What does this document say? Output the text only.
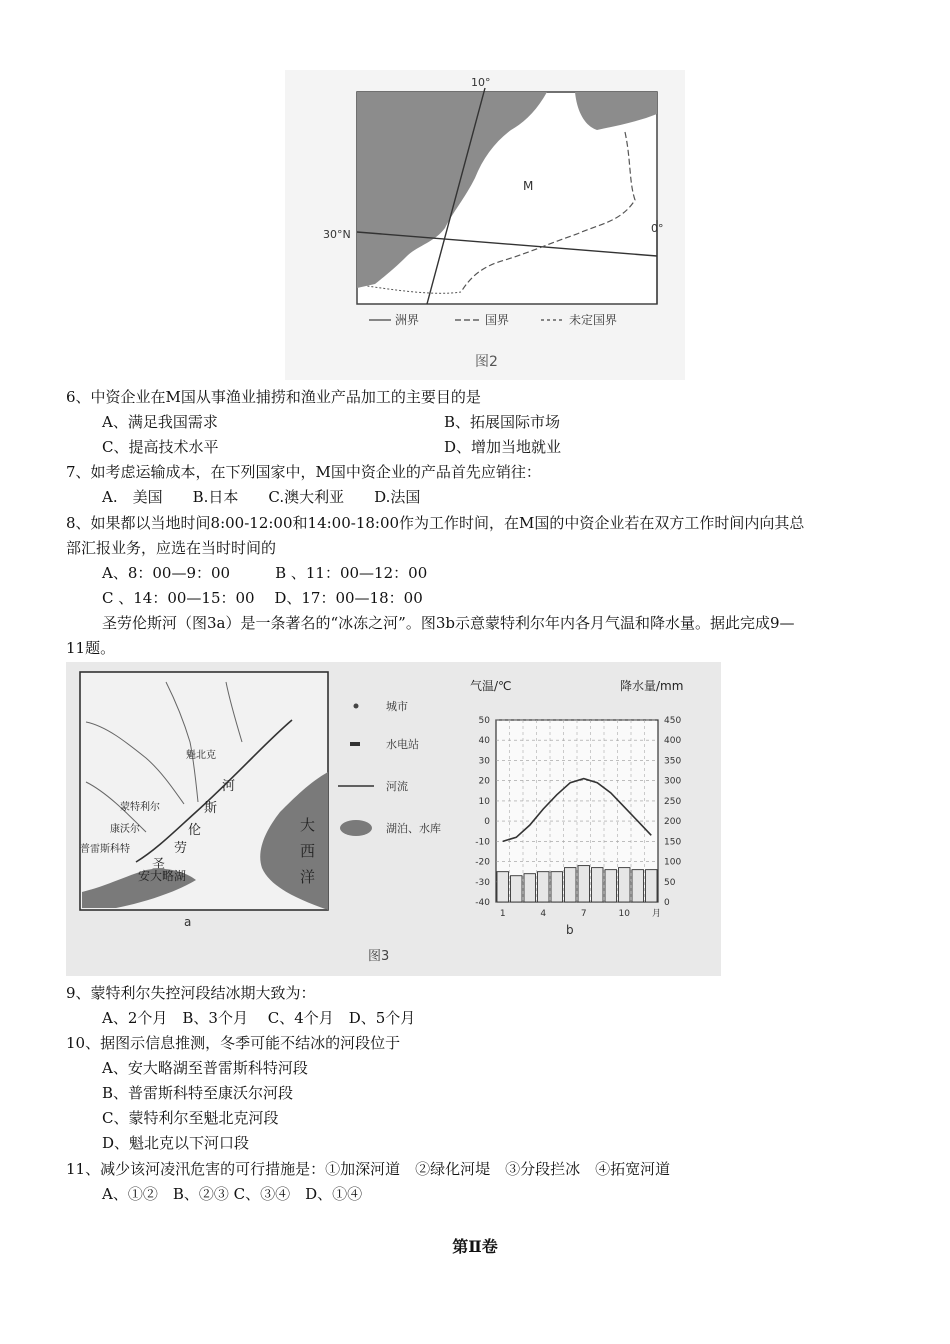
10°
0°
30°N
M
洲界	国界	未定国界
图2
6、中资企业在M国从事渔业捕捞和渔业产品加工的主要目的是
A、满足我国需求	B、拓展国际市场
C、提高技术水平	D、增加当地就业
7、如考虑运输成本，在下列国家中，M国中资企业的产品首先应销往：
A.　美国　　B.日本　　C.澳大利亚　　D.法国
8、如果都以当地时间8:00-12:00和14:00-18:00作为工作时间，在M国的中资企业若在双方工作时间内向其总
部汇报业务，应选在当时时间的
A、8：00—9：00　　　B 、11：00—12：00
C 、14：00—15：00　 D、17：00—18：00
圣劳伦斯河（图3a）是一条著名的“冰冻之河”。图3b示意蒙特利尔年内各月气温和降水量。据此完成9—
11题。
魁北克
蒙特利尔
康沃尔
普雷斯科特
圣
劳
伦
斯
河
大
西
洋
安大略湖
a
城市
水电站
河流
湖泊、水库
气温/℃	降水量/mm
b
50	450
40	400
30	350
20	300
10	250
0	200
-10	150
-20	100
-30	50
-40	0
1	4	7	10 月
图3
9、蒙特利尔失控河段结冰期大致为：
A、2个月　B、3个月　 C、4个月　D、5个月
10、据图示信息推测，冬季可能不结冰的河段位于
A、安大略湖至普雷斯科特河段
B、普雷斯科特至康沃尔河段
C、蒙特利尔至魁北克河段
D、魁北克以下河口段
11、减少该河凌汛危害的可行措施是：①加深河道　②绿化河堤　③分段拦冰　④拓宽河道
A、①②　B、②③ C、③④　D、①④
第Ⅱ卷
